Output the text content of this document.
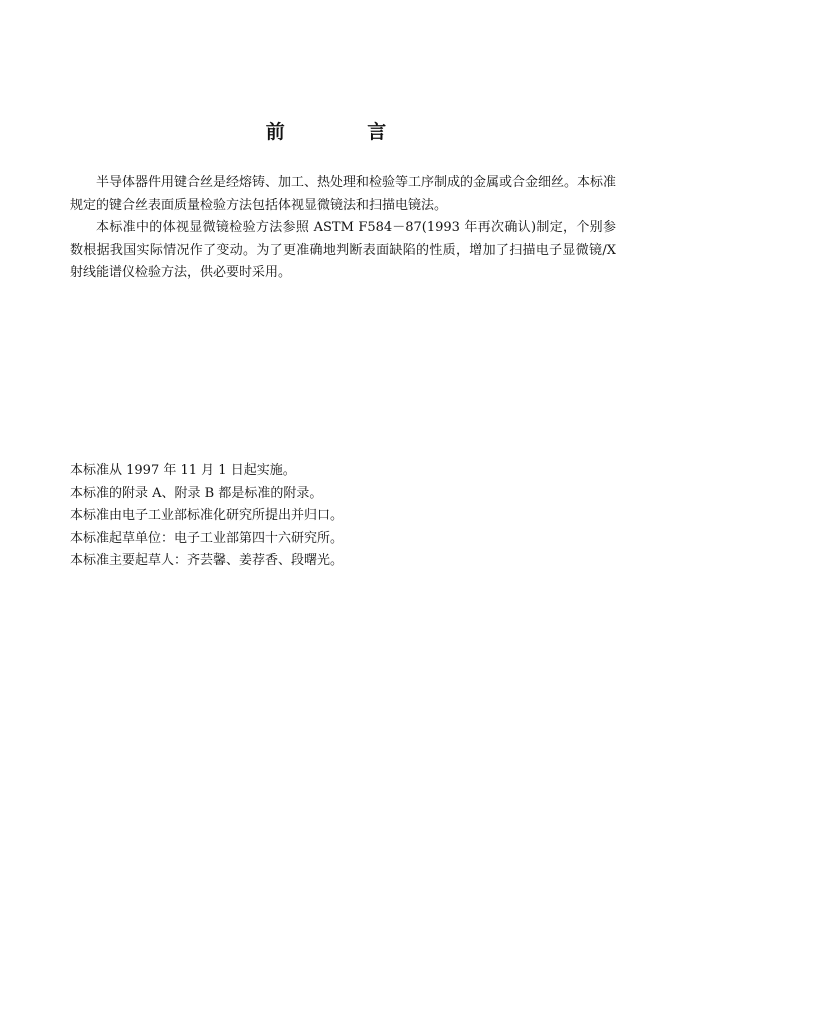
前 言

半导体器件用键合丝是经熔铸、加工、热处理和检验等工序制成的金属或合金细丝。本标准规定的键合丝表面质量检验方法包括体视显微镜法和扫描电镜法。

本标准中的体视显微镜检验方法参照 ASTM F584－87(1993 年再次确认)制定，个别参数根据我国实际情况作了变动。为了更准确地判断表面缺陷的性质，增加了扫描电子显微镜/X 射线能谱仪检验方法，供必要时采用。

本标准从 1997 年 11 月 1 日起实施。

本标准的附录 A、附录 B 都是标准的附录。

本标准由电子工业部标准化研究所提出并归口。

本标准起草单位：电子工业部第四十六研究所。

本标准主要起草人：齐芸馨、姜荐香、段曙光。
